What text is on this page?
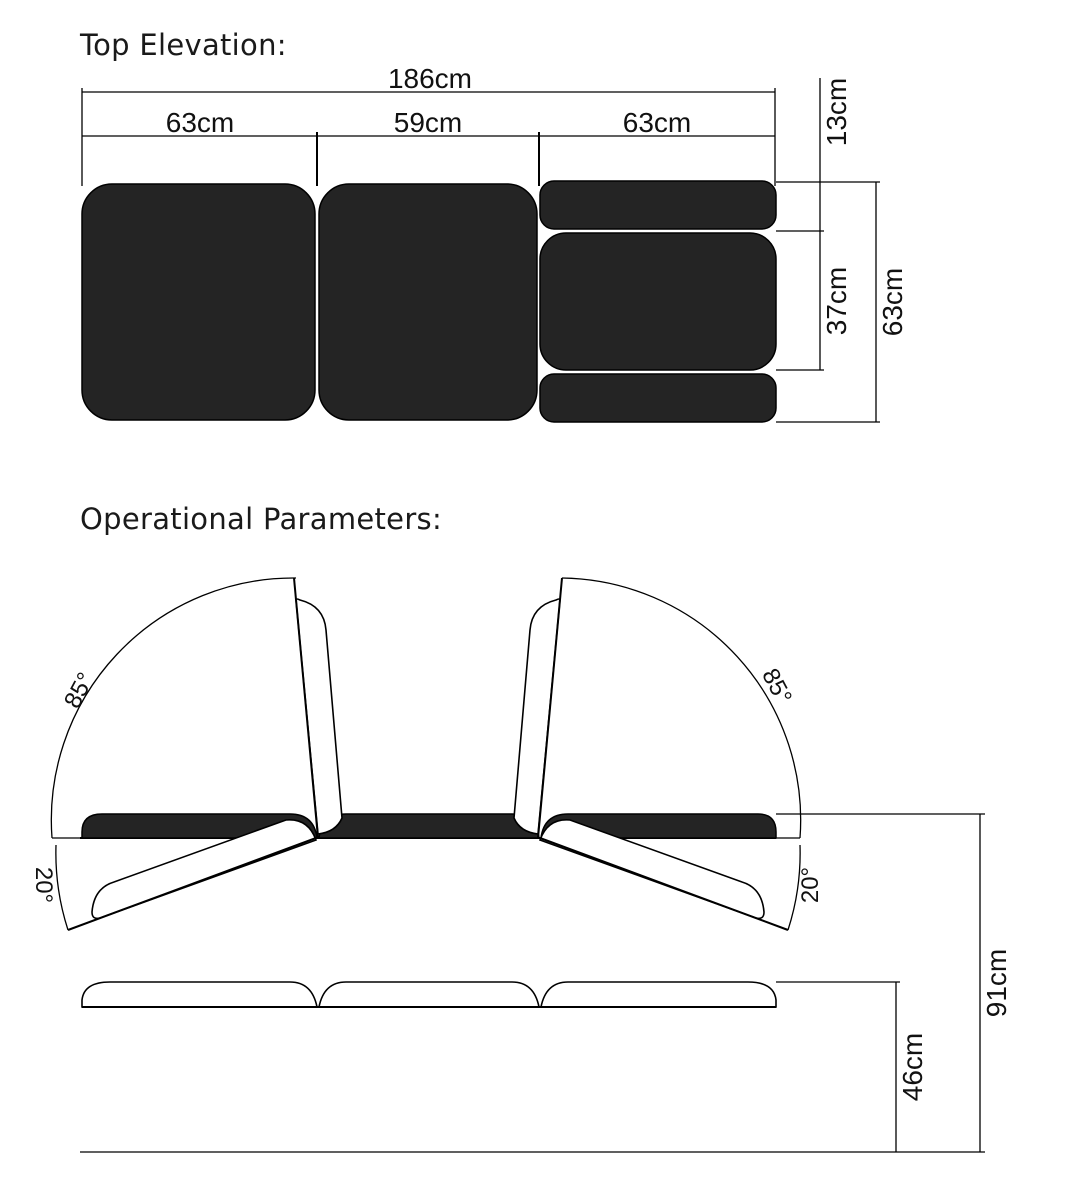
Top Elevation:
Operational Parameters:
186cm
63cm	59cm	63cm	13cm
37cm 63cm
85°	85°
20°	20°
91cm
46cm
